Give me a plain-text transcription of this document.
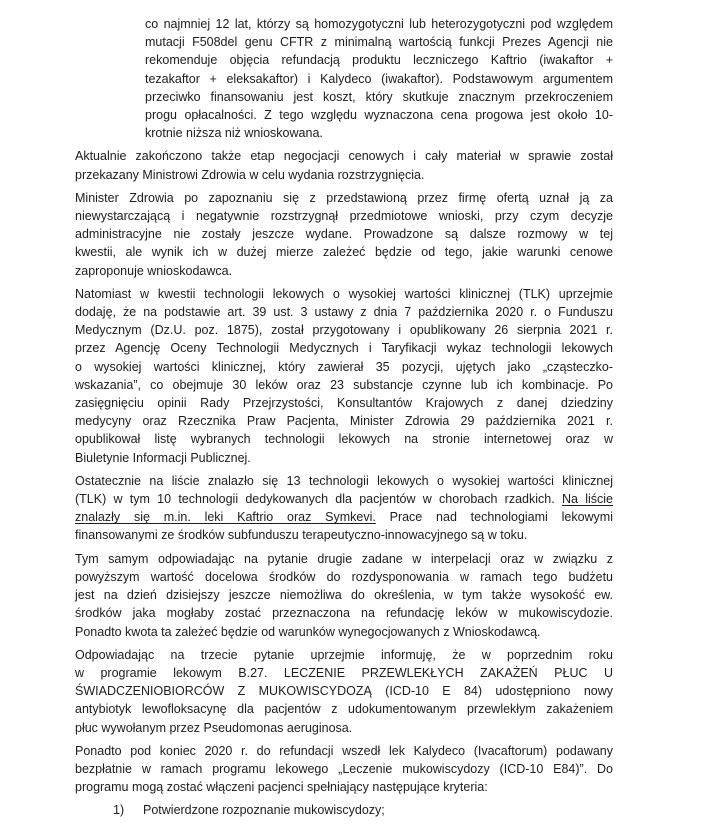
co najmniej 12 lat, którzy są homozygotyczni lub heterozygotyczni pod względem
mutacji F508del genu CFTR z minimalną wartością funkcji Prezes Agencji nie
rekomenduje objęcia refundacją produktu leczniczego Kaftrio (iwakaftor +
tezakaftor + eleksakaftor) i Kalydeco (iwakaftor). Podstawowym argumentem
przeciwko finansowaniu jest koszt, który skutkuje znacznym przekroczeniem
progu opłacalności. Z tego względu wyznaczona cena progowa jest około 10-
krotnie niższa niż wnioskowana.
Aktualnie zakończono także etap negocjacji cenowych i cały materiał w sprawie został
przekazany Ministrowi Zdrowia w celu wydania rozstrzygnięcia.
Minister Zdrowia po zapoznaniu się z przedstawioną przez firmę ofertą uznał ją za
niewystarczającą i negatywnie rozstrzygnął przedmiotowe wnioski, przy czym decyzje
administracyjne nie zostały jeszcze wydane. Prowadzone są dalsze rozmowy w tej
kwestii, ale wynik ich w dużej mierze zależeć będzie od tego, jakie warunki cenowe
zaproponuje wnioskodawca.
Natomiast w kwestii technologii lekowych o wysokiej wartości klinicznej (TLK) uprzejmie
dodaję, że na podstawie art. 39 ust. 3 ustawy z dnia 7 października 2020 r. o Funduszu
Medycznym (Dz.U. poz. 1875), został przygotowany i opublikowany 26 sierpnia 2021 r.
przez Agencję Oceny Technologii Medycznych i Taryfikacji wykaz technologii lekowych
o wysokiej wartości klinicznej, który zawierał 35 pozycji, ujętych jako „cząsteczko-
wskazania”, co obejmuje 30 leków oraz 23 substancje czynne lub ich kombinacje. Po
zasięgnięciu opinii Rady Przejrzystości, Konsultantów Krajowych z danej dziedziny
medycyny oraz Rzecznika Praw Pacjenta, Minister Zdrowia 29 października 2021 r.
opublikował listę wybranych technologii lekowych na stronie internetowej oraz w
Biuletynie Informacji Publicznej.
Ostatecznie na liście znalazło się 13 technologii lekowych o wysokiej wartości klinicznej
(TLK) w tym 10 technologii dedykowanych dla pacjentów w chorobach rzadkich. Na liście
znalazły się m.in. leki Kaftrio oraz Symkevi. Prace nad technologiami lekowymi
finansowanymi ze środków subfunduszu terapeutyczno-innowacyjnego są w toku.
Tym samym odpowiadając na pytanie drugie zadane w interpelacji oraz w związku z
powyższym wartość docelowa środków do rozdysponowania w ramach tego budżetu
jest na dzień dzisiejszy jeszcze niemożliwa do określenia, w tym także wysokość ew.
środków jaka mogłaby zostać przeznaczona na refundację leków w mukowiscydozie.
Ponadto kwota ta zależeć będzie od warunków wynegocjowanych z Wnioskodawcą.
Odpowiadając na trzecie pytanie uprzejmie informuję, że w poprzednim roku
w programie lekowym B.27. LECZENIE PRZEWLEKŁYCH ZAKAŻEŃ PŁUC U
ŚWIADCZENIOBIORCÓW Z MUKOWISCYDOZĄ (ICD-10 E 84) udostępniono nowy
antybiotyk lewofloksacynę dla pacjentów z udokumentowanym przewlekłym zakażeniem
płuc wywołanym przez Pseudomonas aeruginosa.
Ponadto pod koniec 2020 r. do refundacji wszedł lek Kalydeco (Ivacaftorum) podawany
bezpłatnie w ramach programu lekowego „Leczenie mukowiscydozy (ICD-10 E84)”. Do
programu mogą zostać włączeni pacjenci spełniający następujące kryteria:
1)	Potwierdzone rozpoznanie mukowiscydozy;
